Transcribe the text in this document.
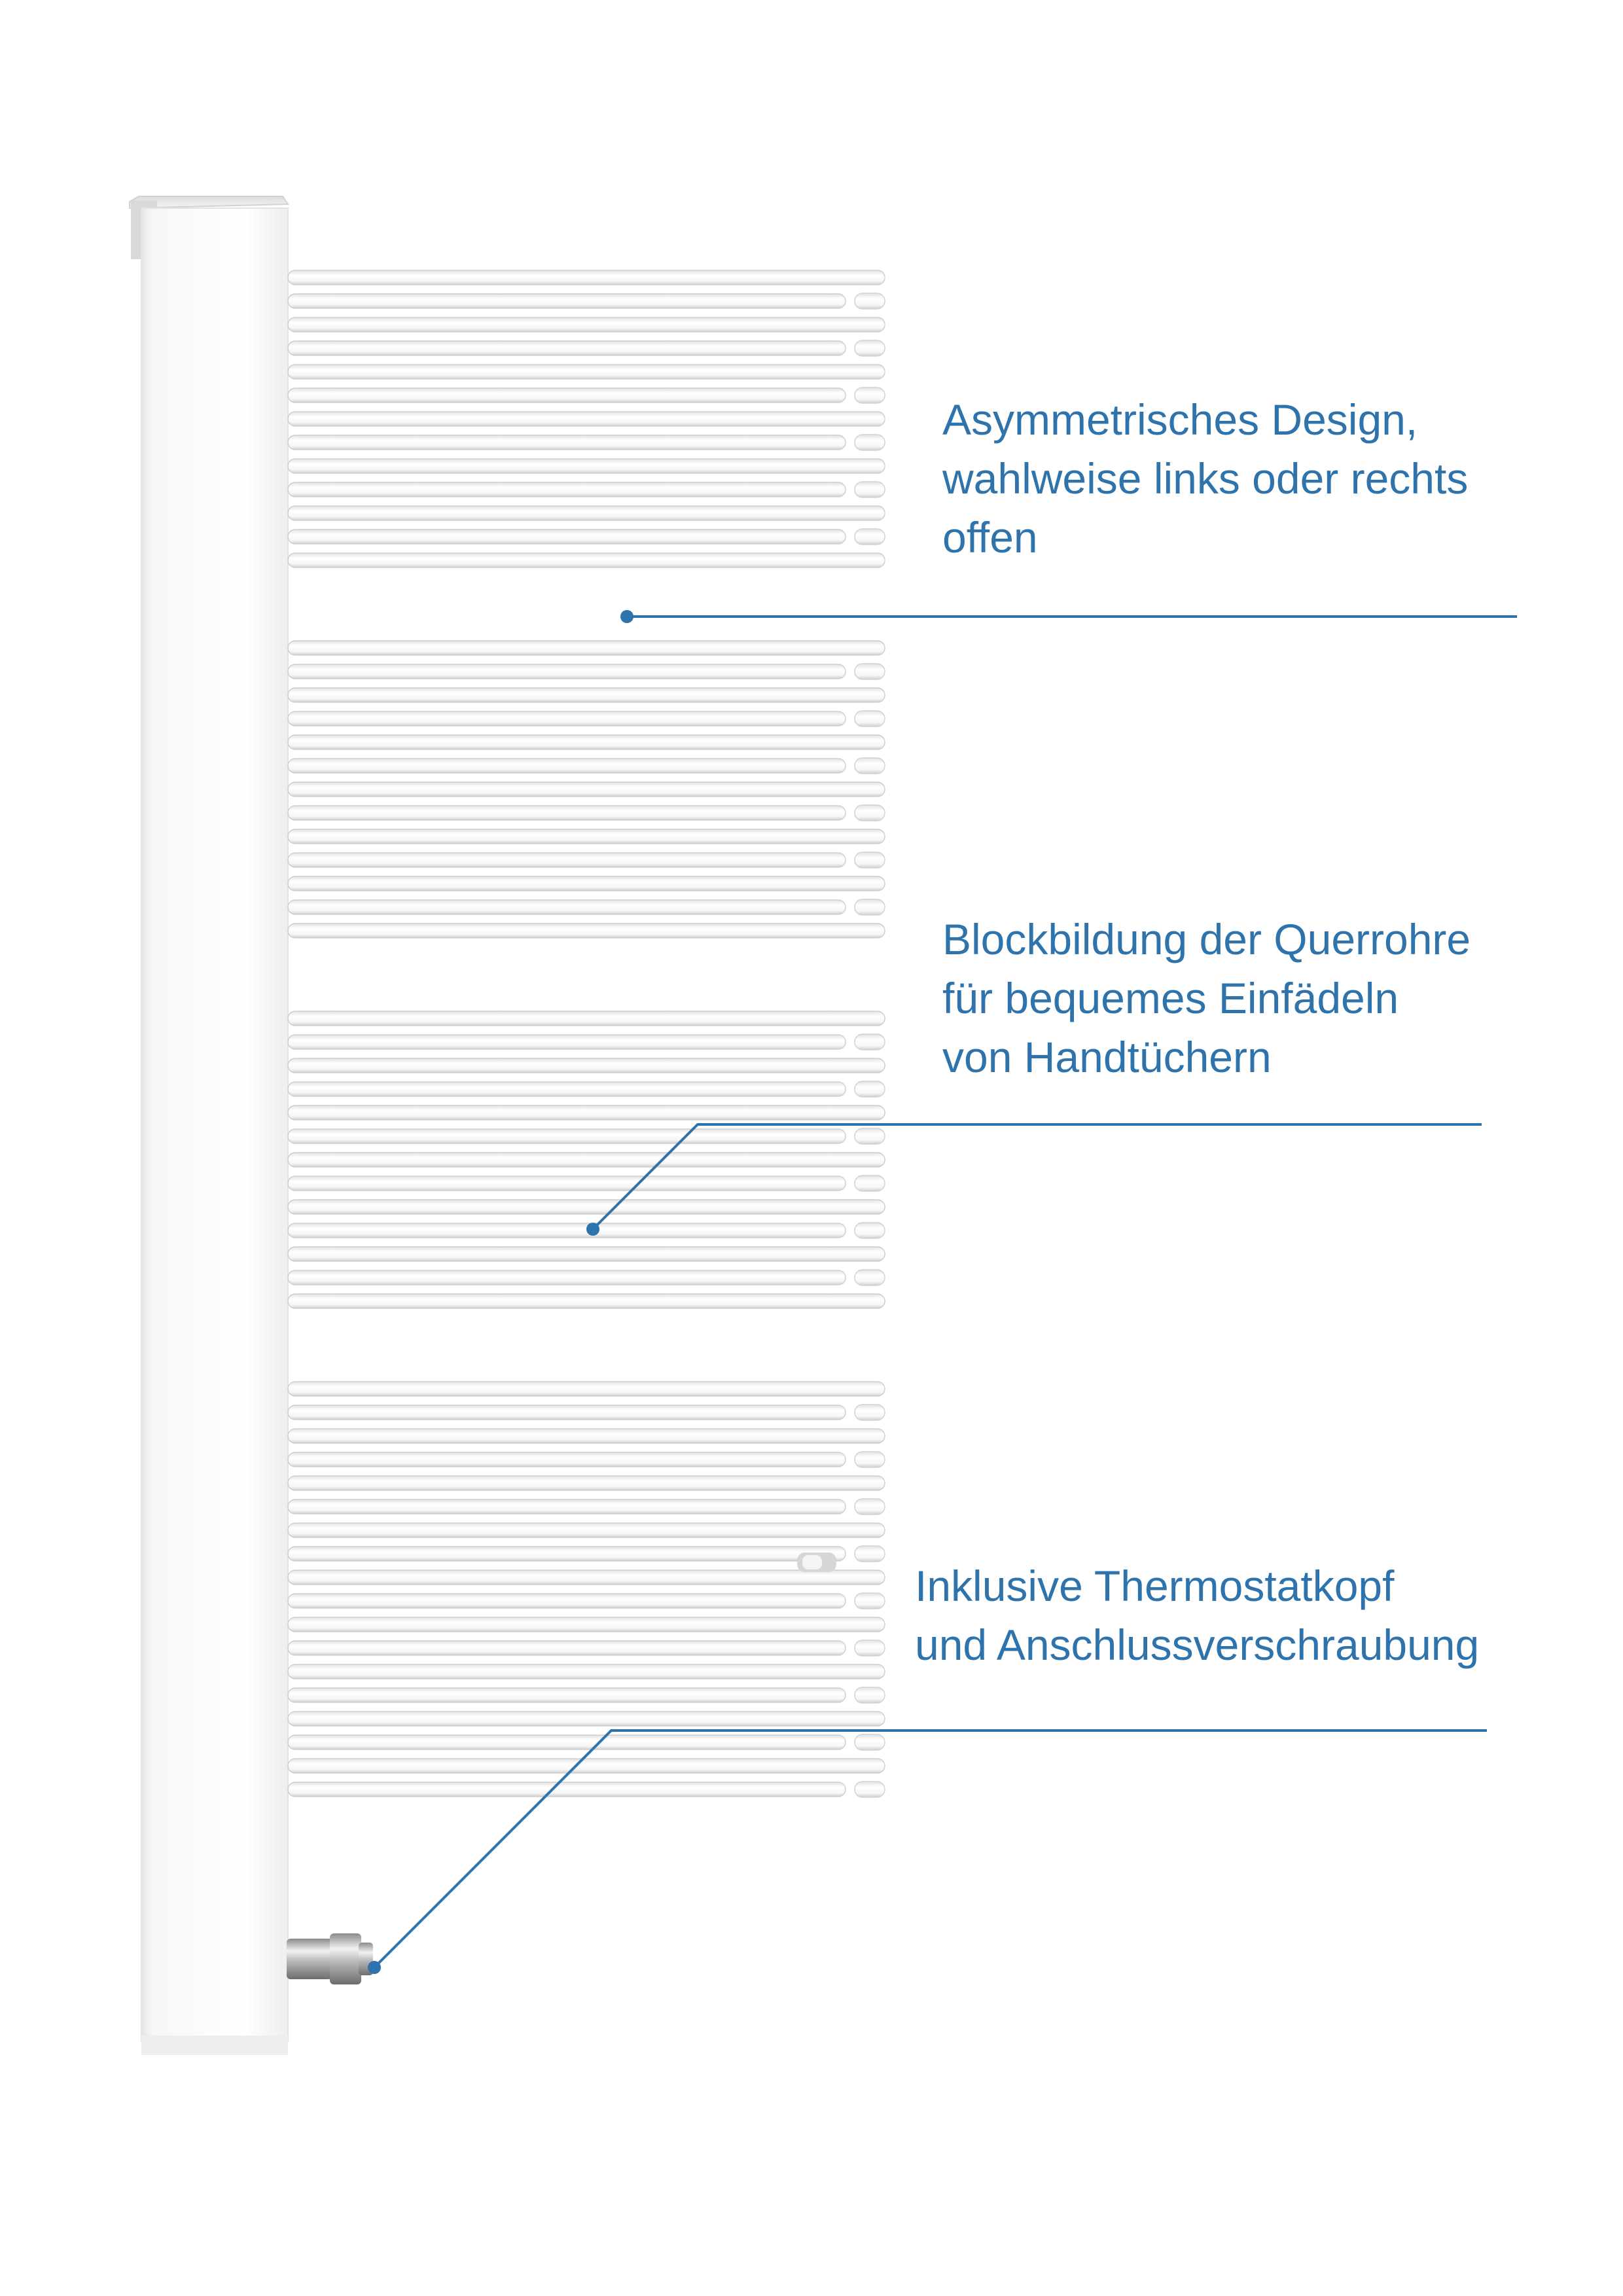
Asymmetrisches Design,
wahlweise links oder rechts
offen
Blockbildung der Querrohre
für bequemes Einfädeln
von Handtüchern
Inklusive Thermostatkopf
und Anschlussverschraubung
